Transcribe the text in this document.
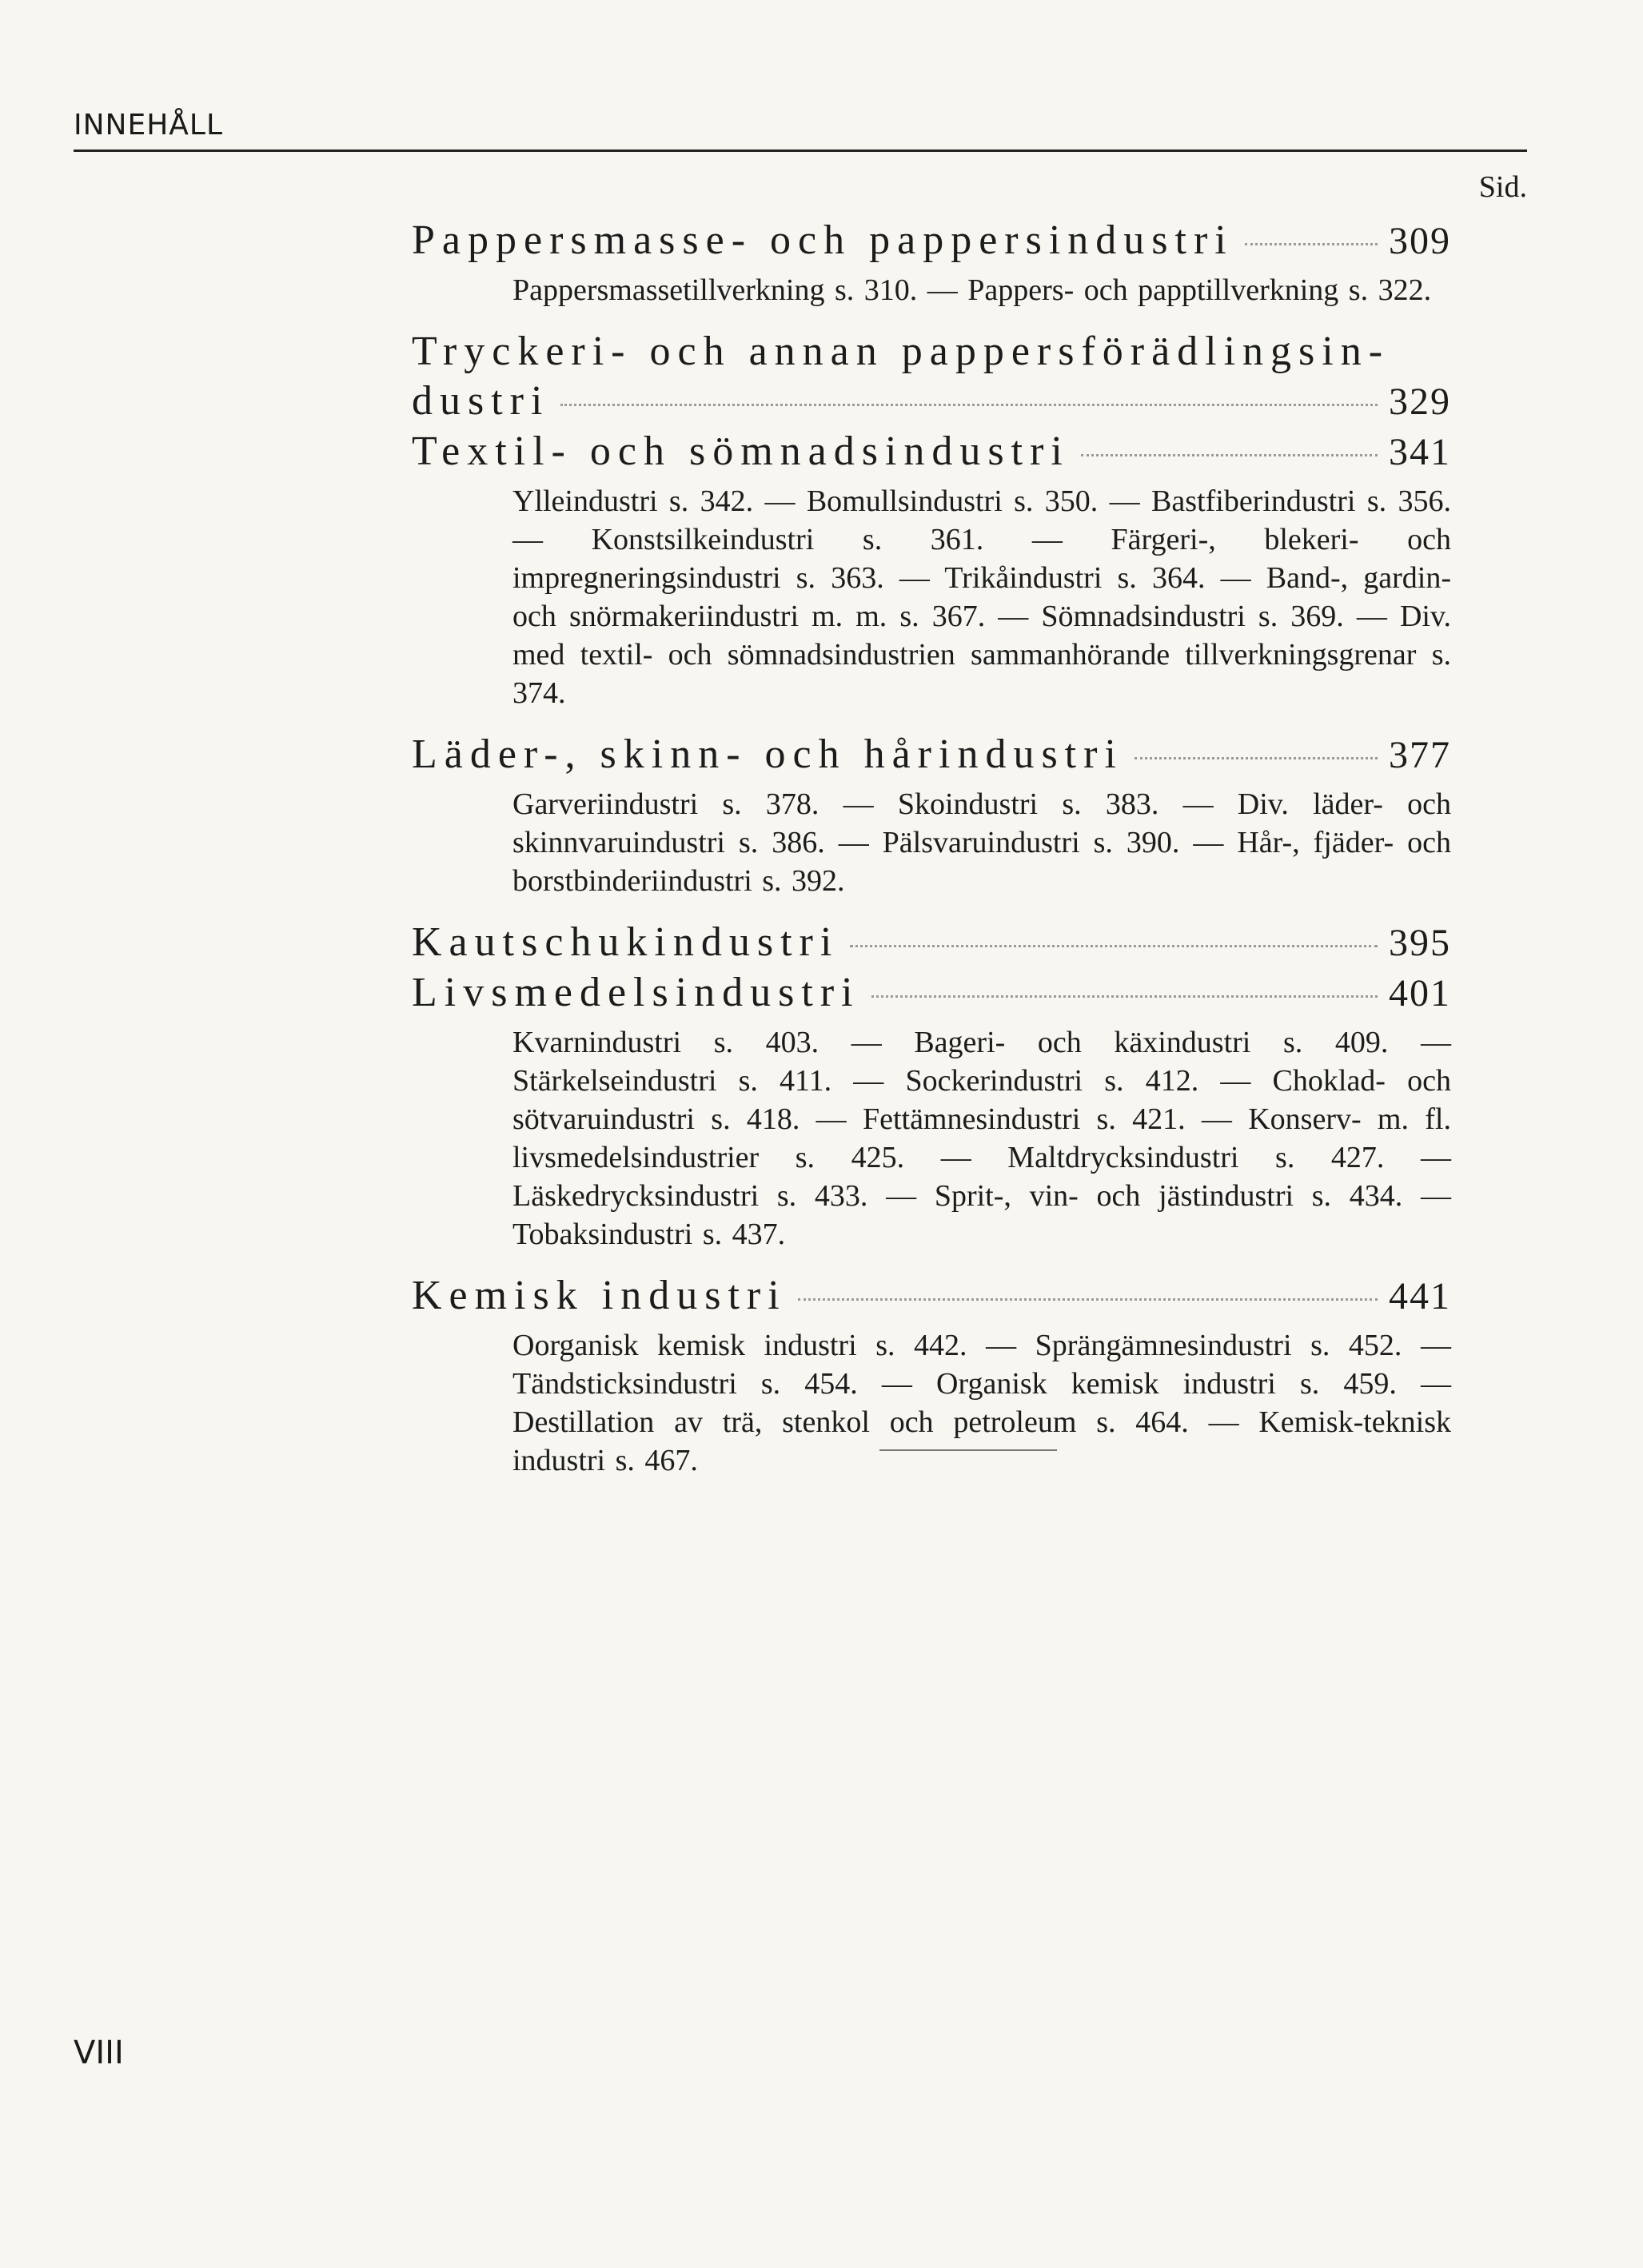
INNEHÅLL
Sid.
Pappersmasse- och pappersindustri	309
Pappersmassetillverkning s. 310. — Pappers- och papptillverkning s. 322.
Tryckeri- och annan pappersförädlingsin-
dustri	329
Textil- och sömnadsindustri	341
Ylleindustri s. 342. — Bomullsindustri s. 350. — Bastfiberindustri s. 356. — Konstsilkeindustri s. 361. — Färgeri-, blekeri- och impregneringsindustri s. 363. — Trikåindustri s. 364. — Band-, gardin- och snörmakeriindustri m. m. s. 367. — Sömnadsindustri s. 369. — Div. med textil- och sömnadsindustrien sammanhörande tillverkningsgrenar s. 374.
Läder-, skinn- och hårindustri	377
Garveriindustri s. 378. — Skoindustri s. 383. — Div. läder- och skinnvaruindustri s. 386. — Pälsvaruindustri s. 390. — Hår-, fjäder- och borstbinderiindustri s. 392.
Kautschukindustri	395
Livsmedelsindustri	401
Kvarnindustri s. 403. — Bageri- och käxindustri s. 409. — Stärkelseindustri s. 411. — Sockerindustri s. 412. — Choklad- och sötvaruindustri s. 418. — Fettämnesindustri s. 421. — Konserv- m. fl. livsmedelsindustrier s. 425. — Maltdrycksindustri s. 427. — Läskedrycksindustri s. 433. — Sprit-, vin- och jästindustri s. 434. — Tobaksindustri s. 437.
Kemisk industri	441
Oorganisk kemisk industri s. 442. — Sprängämnesindustri s. 452. — Tändsticksindustri s. 454. — Organisk kemisk industri s. 459. — Destillation av trä, stenkol och petroleum s. 464. — Kemisk-teknisk industri s. 467.
VIII
